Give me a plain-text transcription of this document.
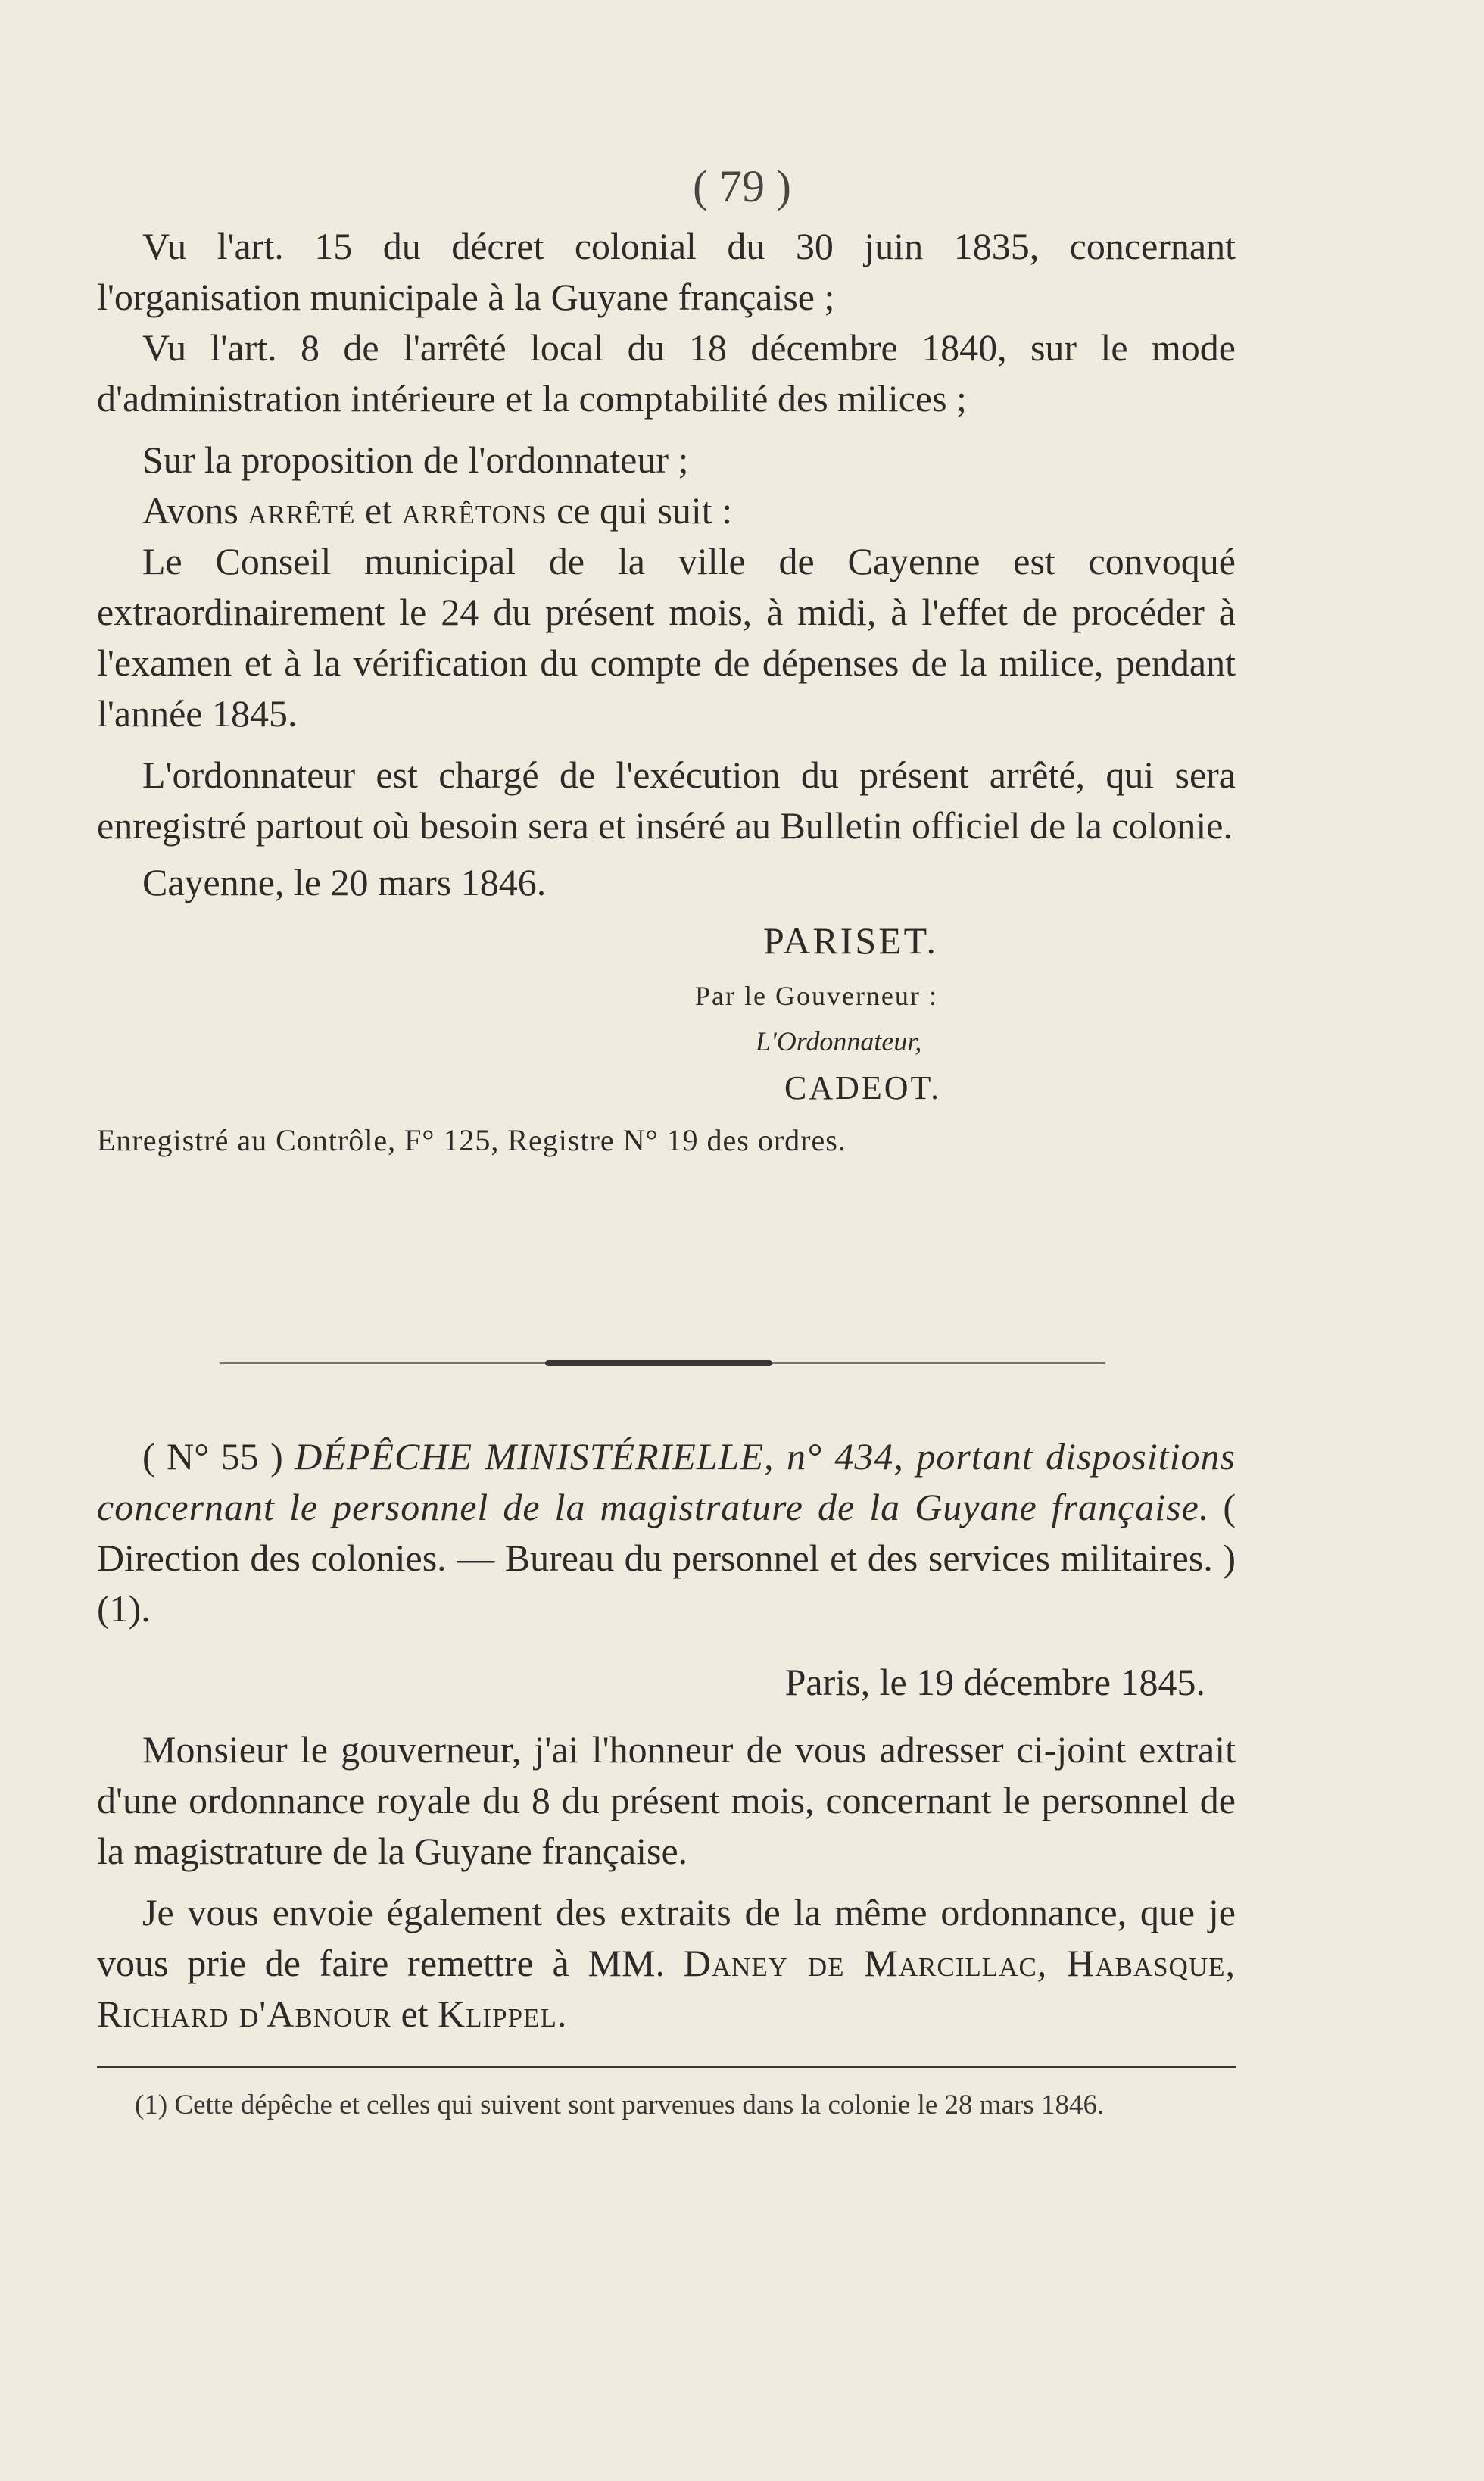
( 79 )

Vu l'art. 15 du décret colonial du 30 juin 1835, concernant l'organisation municipale à la Guyane française ;

Vu l'art. 8 de l'arrêté local du 18 décembre 1840, sur le mode d'administration intérieure et la comptabilité des milices ;

Sur la proposition de l'ordonnateur ;

Avons arrêté et arrêtons ce qui suit :

Le Conseil municipal de la ville de Cayenne est convoqué extraordinairement le 24 du présent mois, à midi, à l'effet de procéder à l'examen et à la vérification du compte de dépenses de la milice, pendant l'année 1845.

L'ordonnateur est chargé de l'exécution du présent arrêté, qui sera enregistré partout où besoin sera et inséré au Bulletin officiel de la colonie.

Cayenne, le 20 mars 1846.

PARISET.
Par le Gouverneur :
L'Ordonnateur,
CADEOT.
Enregistré au Contrôle, F° 125, Registre N° 19 des ordres.

( N° 55 ) DÉPÊCHE MINISTÉRIELLE, n° 434, portant dispositions concernant le personnel de la magistrature de la Guyane française. ( Direction des colonies. — Bureau du personnel et des services militaires. ) (1).

Paris, le 19 décembre 1845.

Monsieur le gouverneur, j'ai l'honneur de vous adresser ci-joint extrait d'une ordonnance royale du 8 du présent mois, concernant le personnel de la magistrature de la Guyane française.

Je vous envoie également des extraits de la même ordonnance, que je vous prie de faire remettre à MM. Daney de Marcillac, Habasque, Richard d'Abnour et Klippel.

(1) Cette dépêche et celles qui suivent sont parvenues dans la colonie le 28 mars 1846.
